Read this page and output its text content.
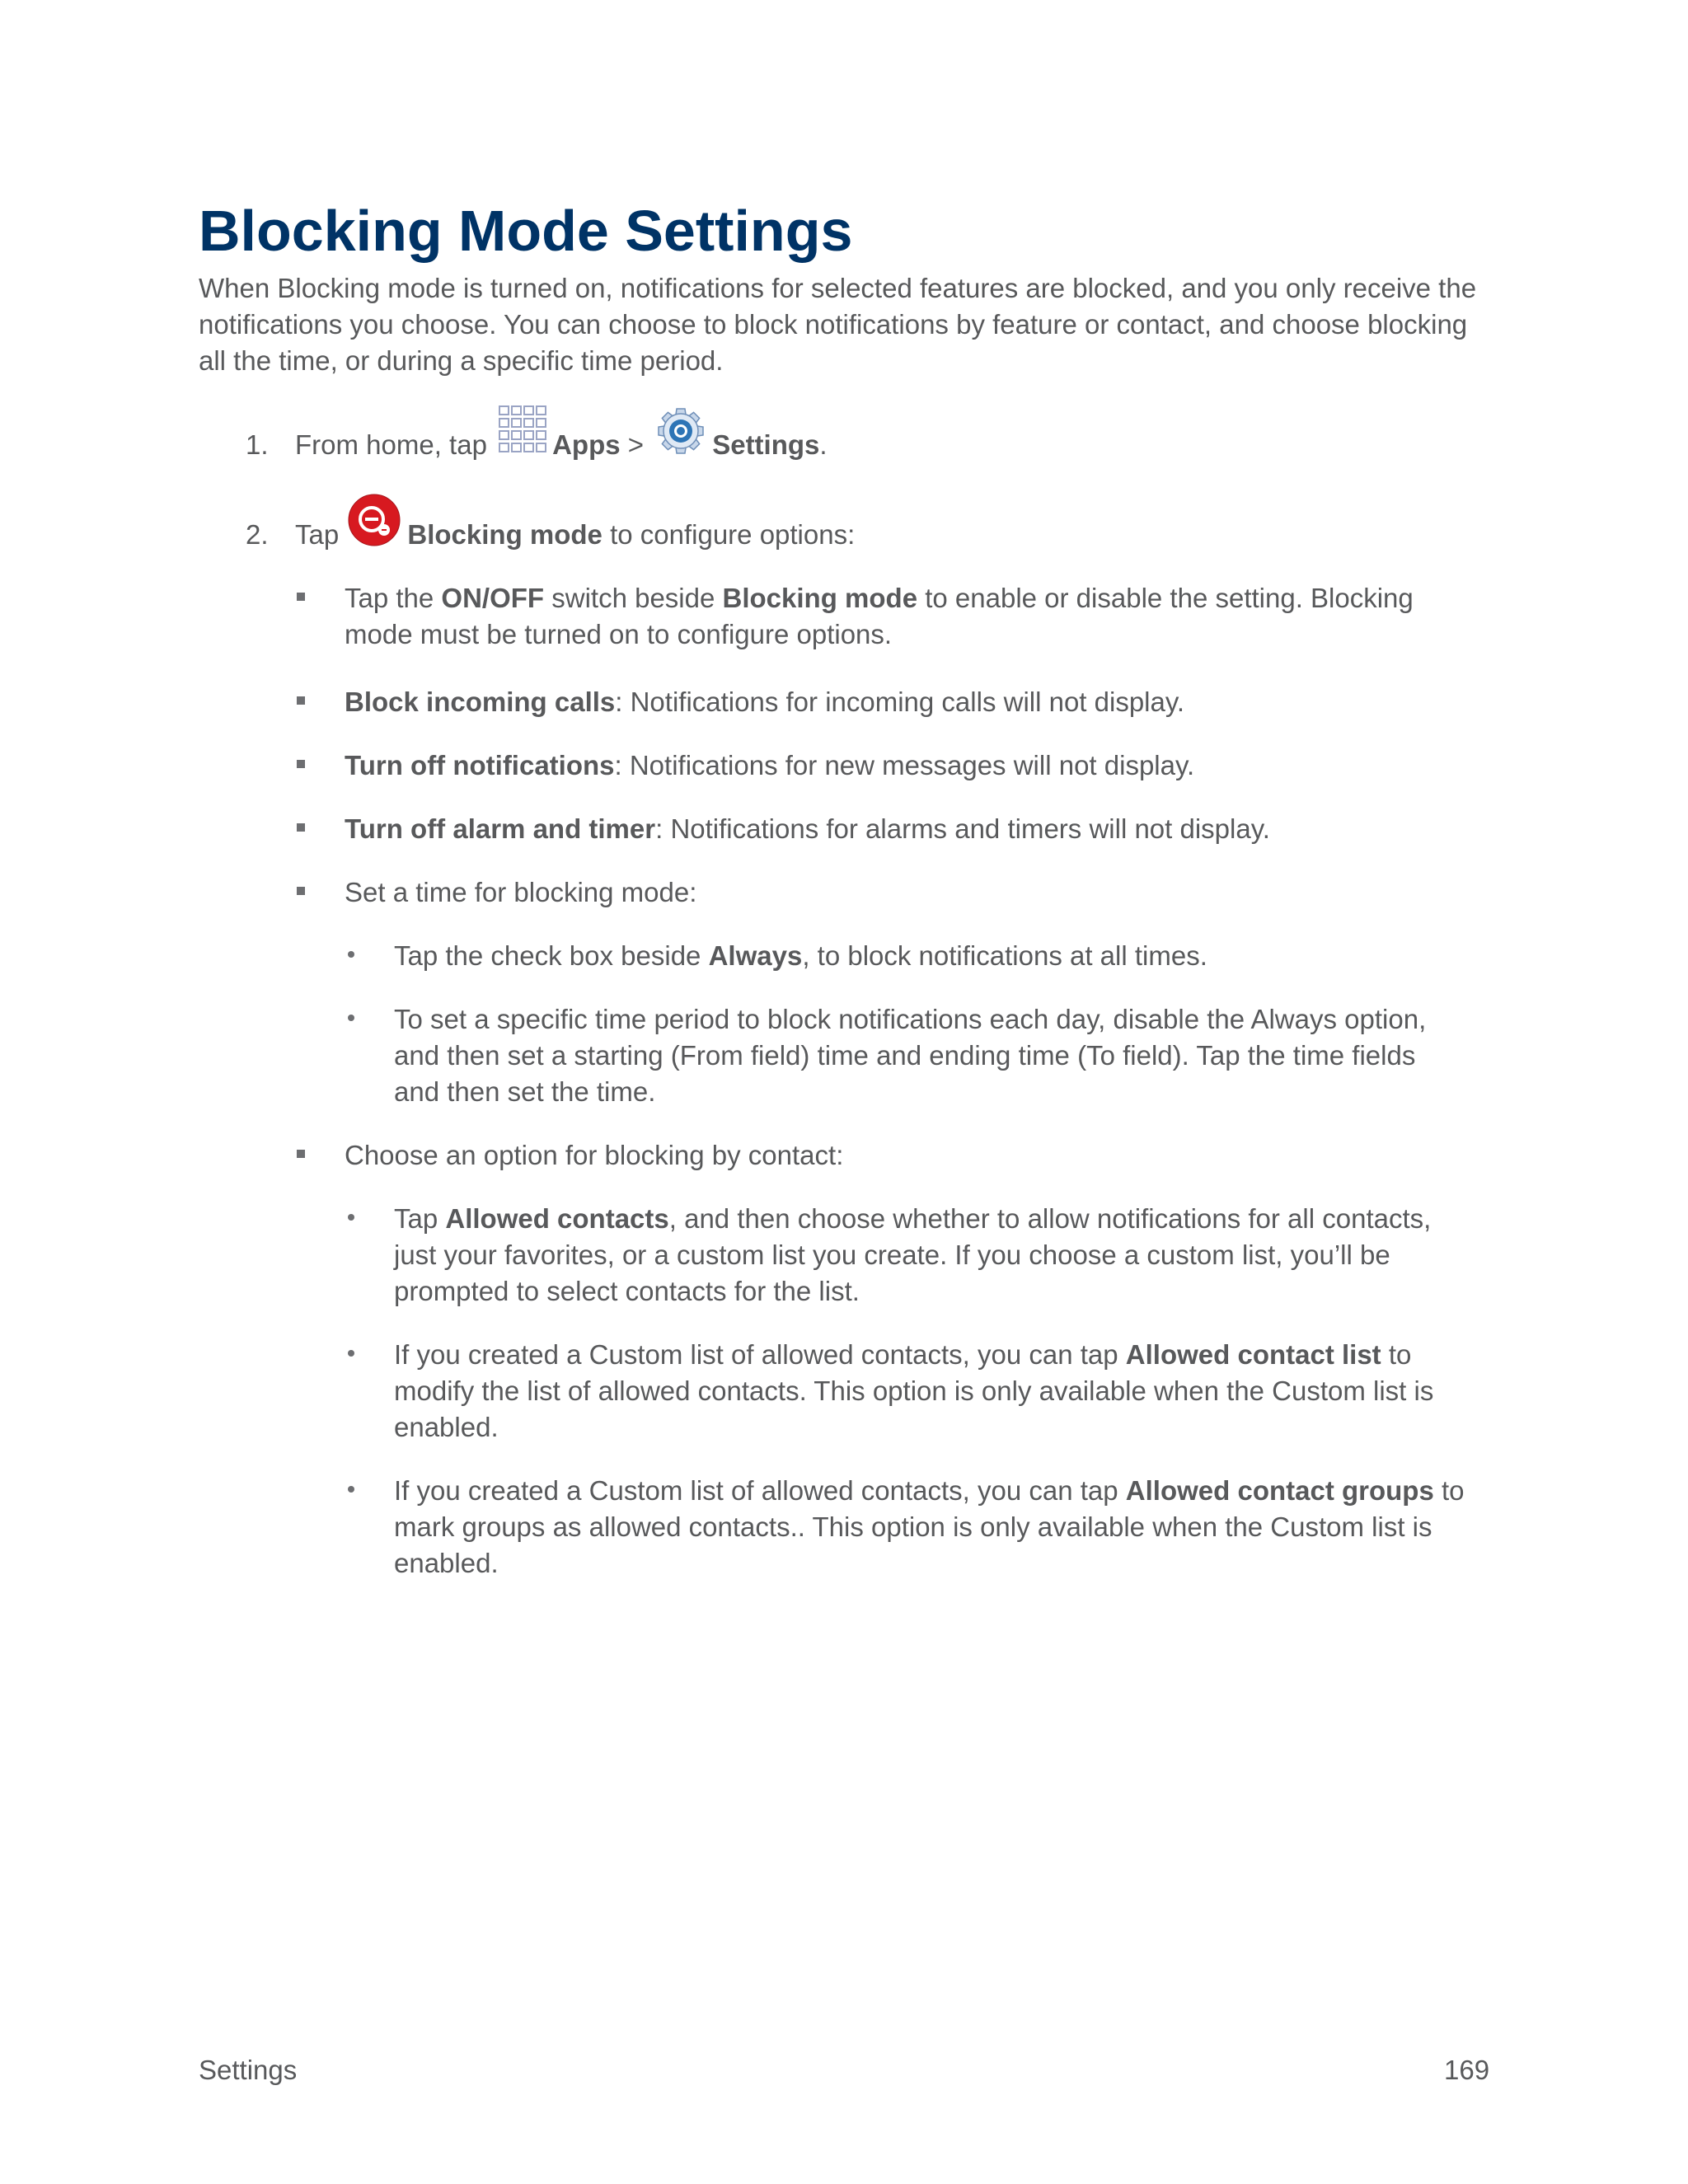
Blocking Mode Settings

When Blocking mode is turned on, notifications for selected features are blocked, and you only receive the notifications you choose. You can choose to block notifications by feature or contact, and choose blocking all the time, or during a specific time period.

1. From home, tap Apps > Settings.
2. Tap Blocking mode to configure options:

Tap the ON/OFF switch beside Blocking mode to enable or disable the setting. Blocking mode must be turned on to configure options.

Block incoming calls: Notifications for incoming calls will not display.

Turn off notifications: Notifications for new messages will not display.

Turn off alarm and timer: Notifications for alarms and timers will not display.

Set a time for blocking mode:

Tap the check box beside Always, to block notifications at all times.

To set a specific time period to block notifications each day, disable the Always option, and then set a starting (From field) time and ending time (To field). Tap the time fields and then set the time.

Choose an option for blocking by contact:

Tap Allowed contacts, and then choose whether to allow notifications for all contacts, just your favorites, or a custom list you create. If you choose a custom list, you’ll be prompted to select contacts for the list.

If you created a Custom list of allowed contacts, you can tap Allowed contact list to modify the list of allowed contacts. This option is only available when the Custom list is enabled.

If you created a Custom list of allowed contacts, you can tap Allowed contact groups to mark groups as allowed contacts.. This option is only available when the Custom list is enabled.

Settings	169
